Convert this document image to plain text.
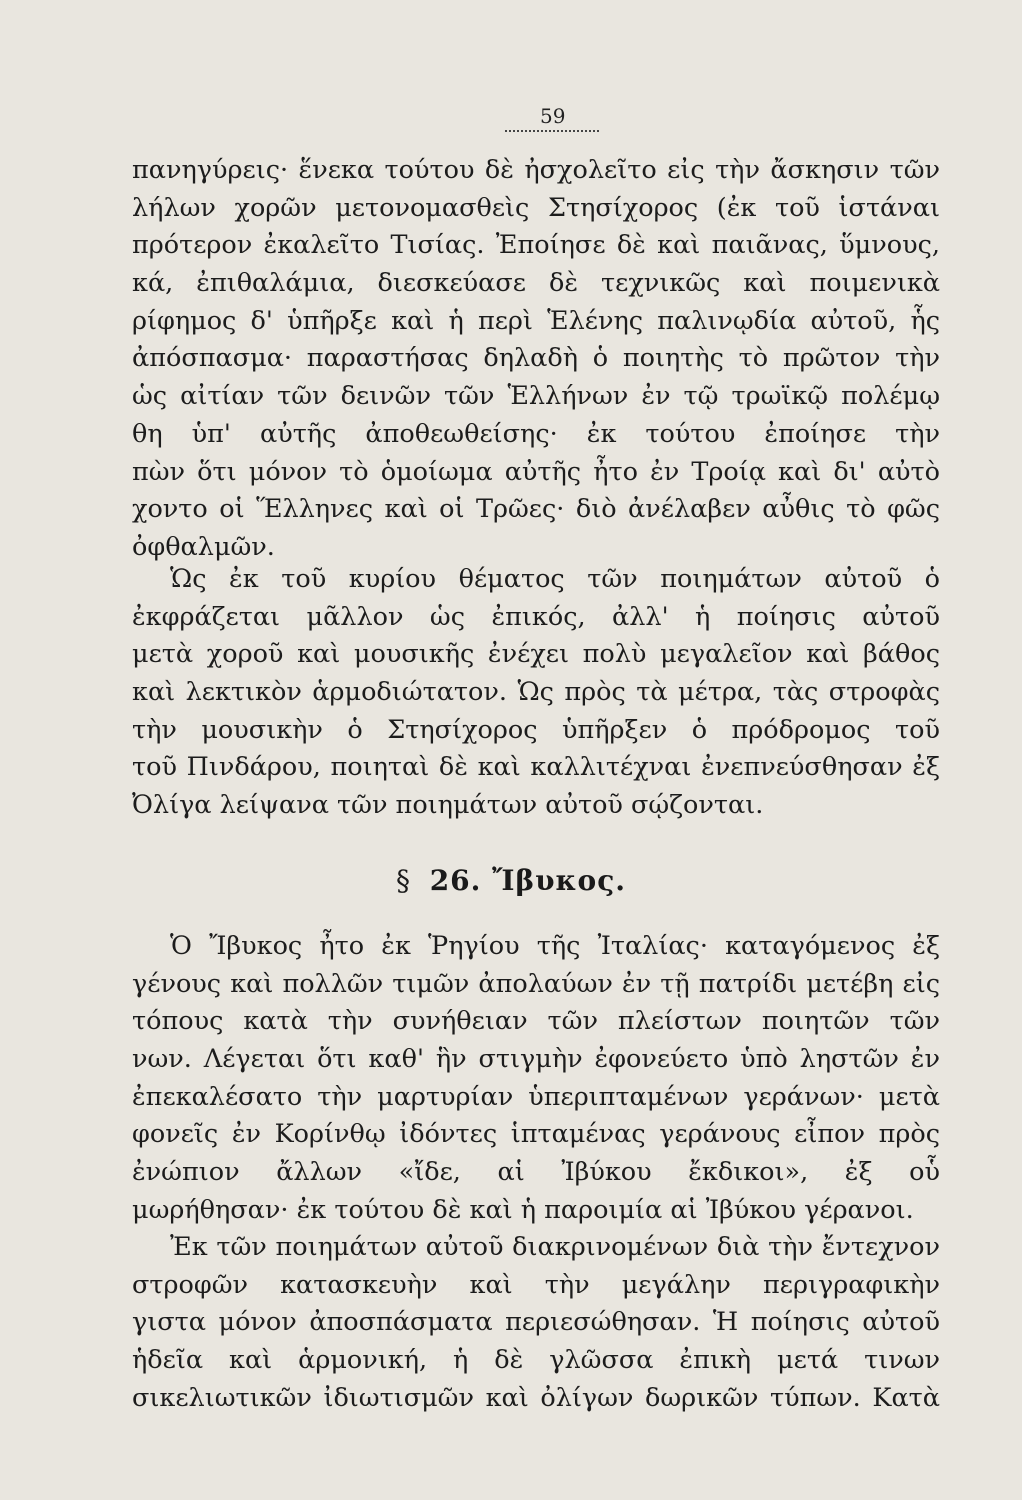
59
πανηγύρεις· ἕνεκα τούτου δὲ ἠσχολεῖτο εἰς τὴν ἄσκησιν τῶν
λήλων χορῶν μετονομασθεὶς Στησίχορος (ἐκ τοῦ ἱστάναι
πρότερον ἐκαλεῖτο Τισίας. Ἐποίησε δὲ καὶ παιᾶνας, ὕμνους,
κά, ἐπιθαλάμια, διεσκεύασε δὲ τεχνικῶς καὶ ποιμενικὰ
ρίφημος δ' ὑπῆρξε καὶ ἡ περὶ Ἑλένης παλινῳδία αὐτοῦ, ἧς
ἀπόσπασμα· παραστήσας δηλαδὴ ὁ ποιητὴς τὸ πρῶτον τὴν
ὡς αἰτίαν τῶν δεινῶν τῶν Ἑλλήνων ἐν τῷ τρωϊκῷ πολέμῳ
θη ὑπ' αὐτῆς ἀποθεωθείσης· ἐκ τούτου ἐποίησε τὴν
πὼν ὅτι μόνον τὸ ὁμοίωμα αὐτῆς ἦτο ἐν Τροίᾳ καὶ δι' αὐτὸ
χοντο οἱ Ἕλληνες καὶ οἱ Τρῶες· διὸ ἀνέλαβεν αὖθις τὸ φῶς
ὀφθαλμῶν.
Ὡς ἐκ τοῦ κυρίου θέματος τῶν ποιημάτων αὐτοῦ ὁ
ἐκφράζεται μᾶλλον ὡς ἐπικός, ἀλλ' ἡ ποίησις αὐτοῦ
μετὰ χοροῦ καὶ μουσικῆς ἐνέχει πολὺ μεγαλεῖον καὶ βάθος
καὶ λεκτικὸν ἁρμοδιώτατον. Ὡς πρὸς τὰ μέτρα, τὰς στροφὰς
τὴν μουσικὴν ὁ Στησίχορος ὑπῆρξεν ὁ πρόδρομος τοῦ
τοῦ Πινδάρου, ποιηταὶ δὲ καὶ καλλιτέχναι ἐνεπνεύσθησαν ἐξ
Ὀλίγα λείψανα τῶν ποιημάτων αὐτοῦ σῴζονται.
§ 26. Ἴβυκος.
Ὁ Ἴβυκος ἦτο ἐκ Ῥηγίου τῆς Ἰταλίας· καταγόμενος ἐξ
γένους καὶ πολλῶν τιμῶν ἀπολαύων ἐν τῇ πατρίδι μετέβη εἰς
τόπους κατὰ τὴν συνήθειαν τῶν πλείστων ποιητῶν τῶν
νων. Λέγεται ὅτι καθ' ἣν στιγμὴν ἐφονεύετο ὑπὸ ληστῶν ἐν
ἐπεκαλέσατο τὴν μαρτυρίαν ὑπεριπταμένων γεράνων· μετὰ
φονεῖς ἐν Κορίνθῳ ἰδόντες ἱπταμένας γεράνους εἶπον πρὸς
ἐνώπιον ἄλλων «ἴδε, αἱ Ἰβύκου ἔκδικοι», ἐξ οὗ
μωρήθησαν· ἐκ τούτου δὲ καὶ ἡ παροιμία αἱ Ἰβύκου γέρανοι.
Ἐκ τῶν ποιημάτων αὐτοῦ διακρινομένων διὰ τὴν ἔντεχνον
στροφῶν κατασκευὴν καὶ τὴν μεγάλην περιγραφικὴν
γιστα μόνον ἀποσπάσματα περιεσώθησαν. Ἡ ποίησις αὐτοῦ
ἡδεῖα καὶ ἁρμονική, ἡ δὲ γλῶσσα ἐπικὴ μετά τινων
σικελιωτικῶν ἰδιωτισμῶν καὶ ὀλίγων δωρικῶν τύπων. Κατὰ
